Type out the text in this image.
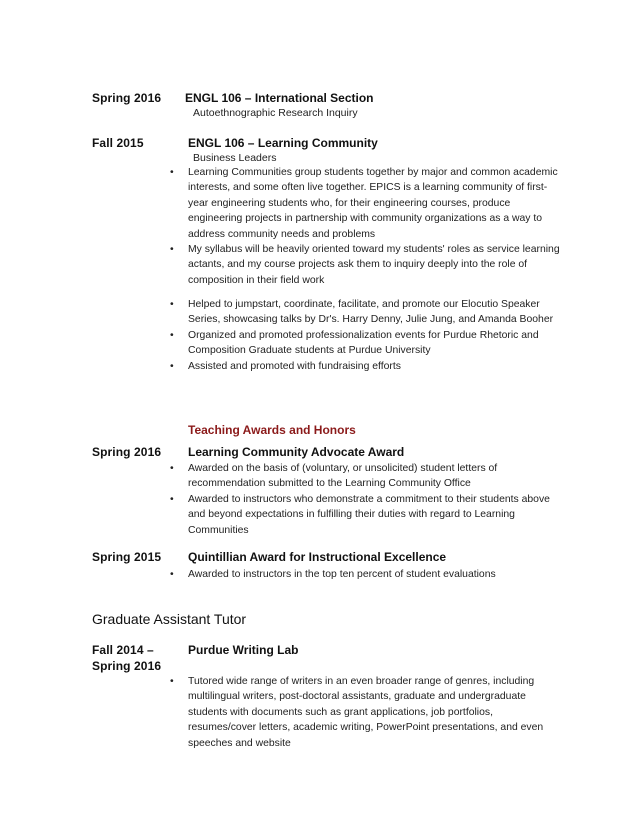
Spring 2016 ENGL 106 – International Section
Autoethnographic Research Inquiry
Fall 2015	ENGL 106 – Learning Community
Business Leaders
•	Learning Communities group students together by major and common academic interests, and some often live together. EPICS is a learning community of first-year engineering students who, for their engineering courses, produce engineering projects in partnership with community organizations as a way to address community needs and problems
•	My syllabus will be heavily oriented toward my students' roles as service learning actants, and my course projects ask them to inquiry deeply into the role of composition in their field work
•	Helped to jumpstart, coordinate, facilitate, and promote our Elocutio Speaker Series, showcasing talks by Dr's. Harry Denny, Julie Jung, and Amanda Booher
•	Organized and promoted professionalization events for Purdue Rhetoric and Composition Graduate students at Purdue University
•	Assisted and promoted with fundraising efforts
Teaching Awards and Honors
Spring 2016 Learning Community Advocate Award
•	Awarded on the basis of (voluntary, or unsolicited) student letters of recommendation submitted to the Learning Community Office
•	Awarded to instructors who demonstrate a commitment to their students above and beyond expectations in fulfilling their duties with regard to Learning Communities
Spring 2015 Quintillian Award for Instructional Excellence
•	Awarded to instructors in the top ten percent of student evaluations
Graduate Assistant Tutor
Fall 2014 –
Spring 2016
Purdue Writing Lab
•	Tutored wide range of writers in an even broader range of genres, including multilingual writers, post-doctoral assistants, graduate and undergraduate students with documents such as grant applications, job portfolios, resumes/cover letters, academic writing, PowerPoint presentations, and even speeches and website
